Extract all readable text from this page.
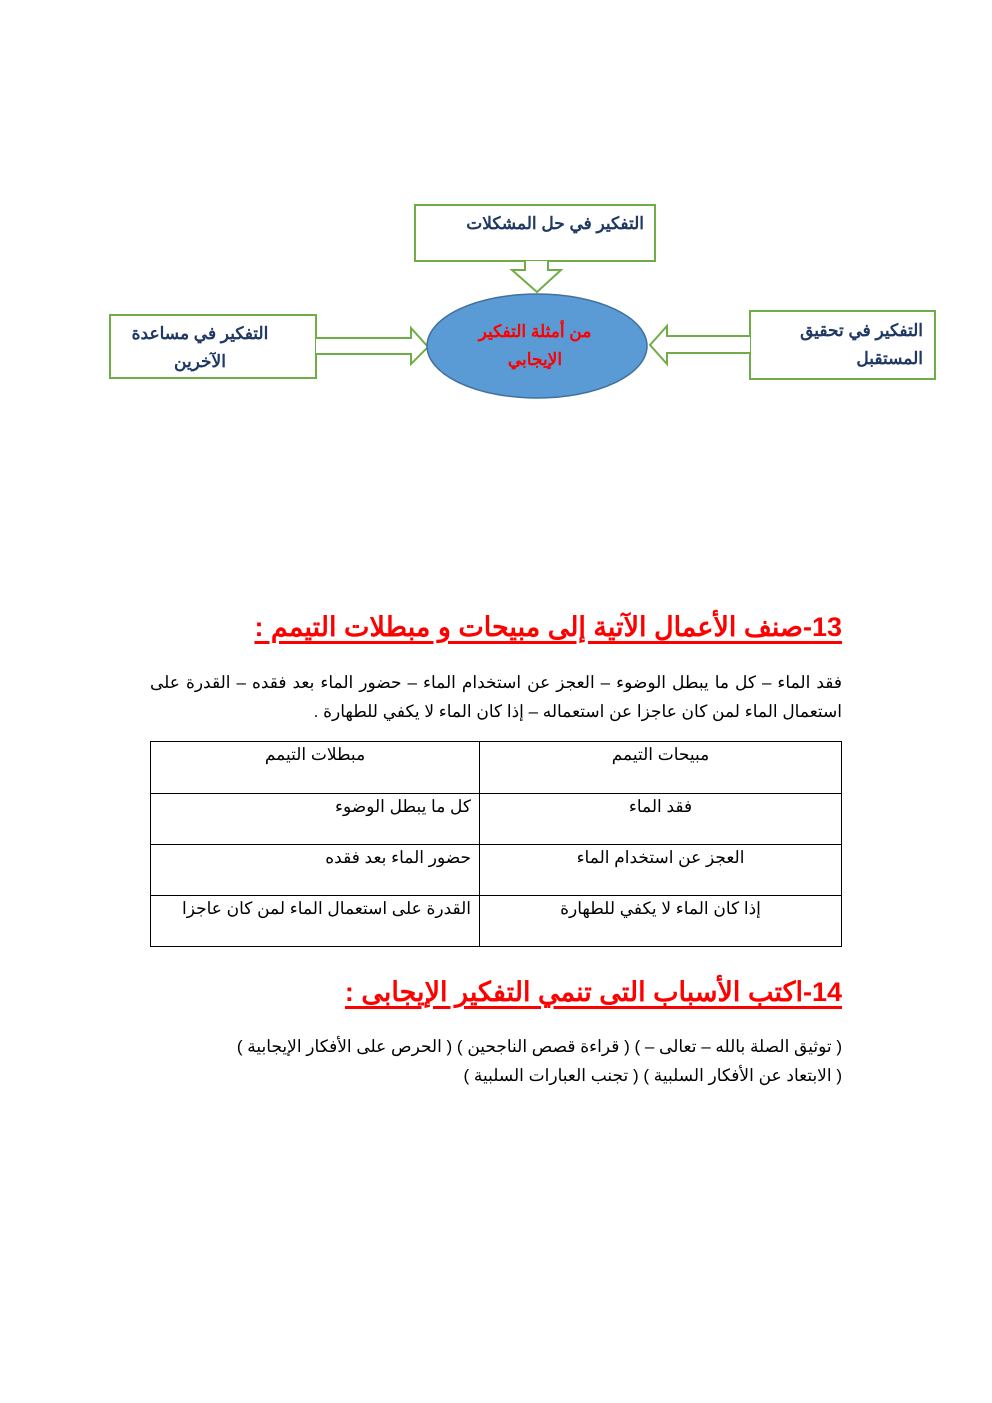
التفكير في حل المشكلات
التفكير في تحقيق
المستقبل
التفكير في مساعدة
الآخرين
من أمثلة التفكير
الإيجابي
13-صنف الأعمال الآتية إلى مبيحات و مبطلات التيمم :
فقد الماء – كل ما يبطل الوضوء – العجز عن استخدام الماء – حضور الماء بعد فقده – القدرة على استعمال الماء لمن كان عاجزا عن استعماله – إذا كان الماء لا يكفي للطهارة .
مبيحات التيمم	مبطلات التيمم
فقد الماء	كل ما يبطل الوضوء
العجز عن استخدام الماء	حضور الماء بعد فقده
إذا كان الماء لا يكفي للطهارة	القدرة على استعمال الماء لمن كان عاجزا
14-اكتب الأسباب التى تنمي التفكير الإيجابى :
( توثيق الصلة بالله – تعالى – ) ( قراءة قصص الناجحين ) ( الحرص على الأفكار الإيجابية )
( الابتعاد عن الأفكار السلبية ) ( تجنب العبارات السلبية )
